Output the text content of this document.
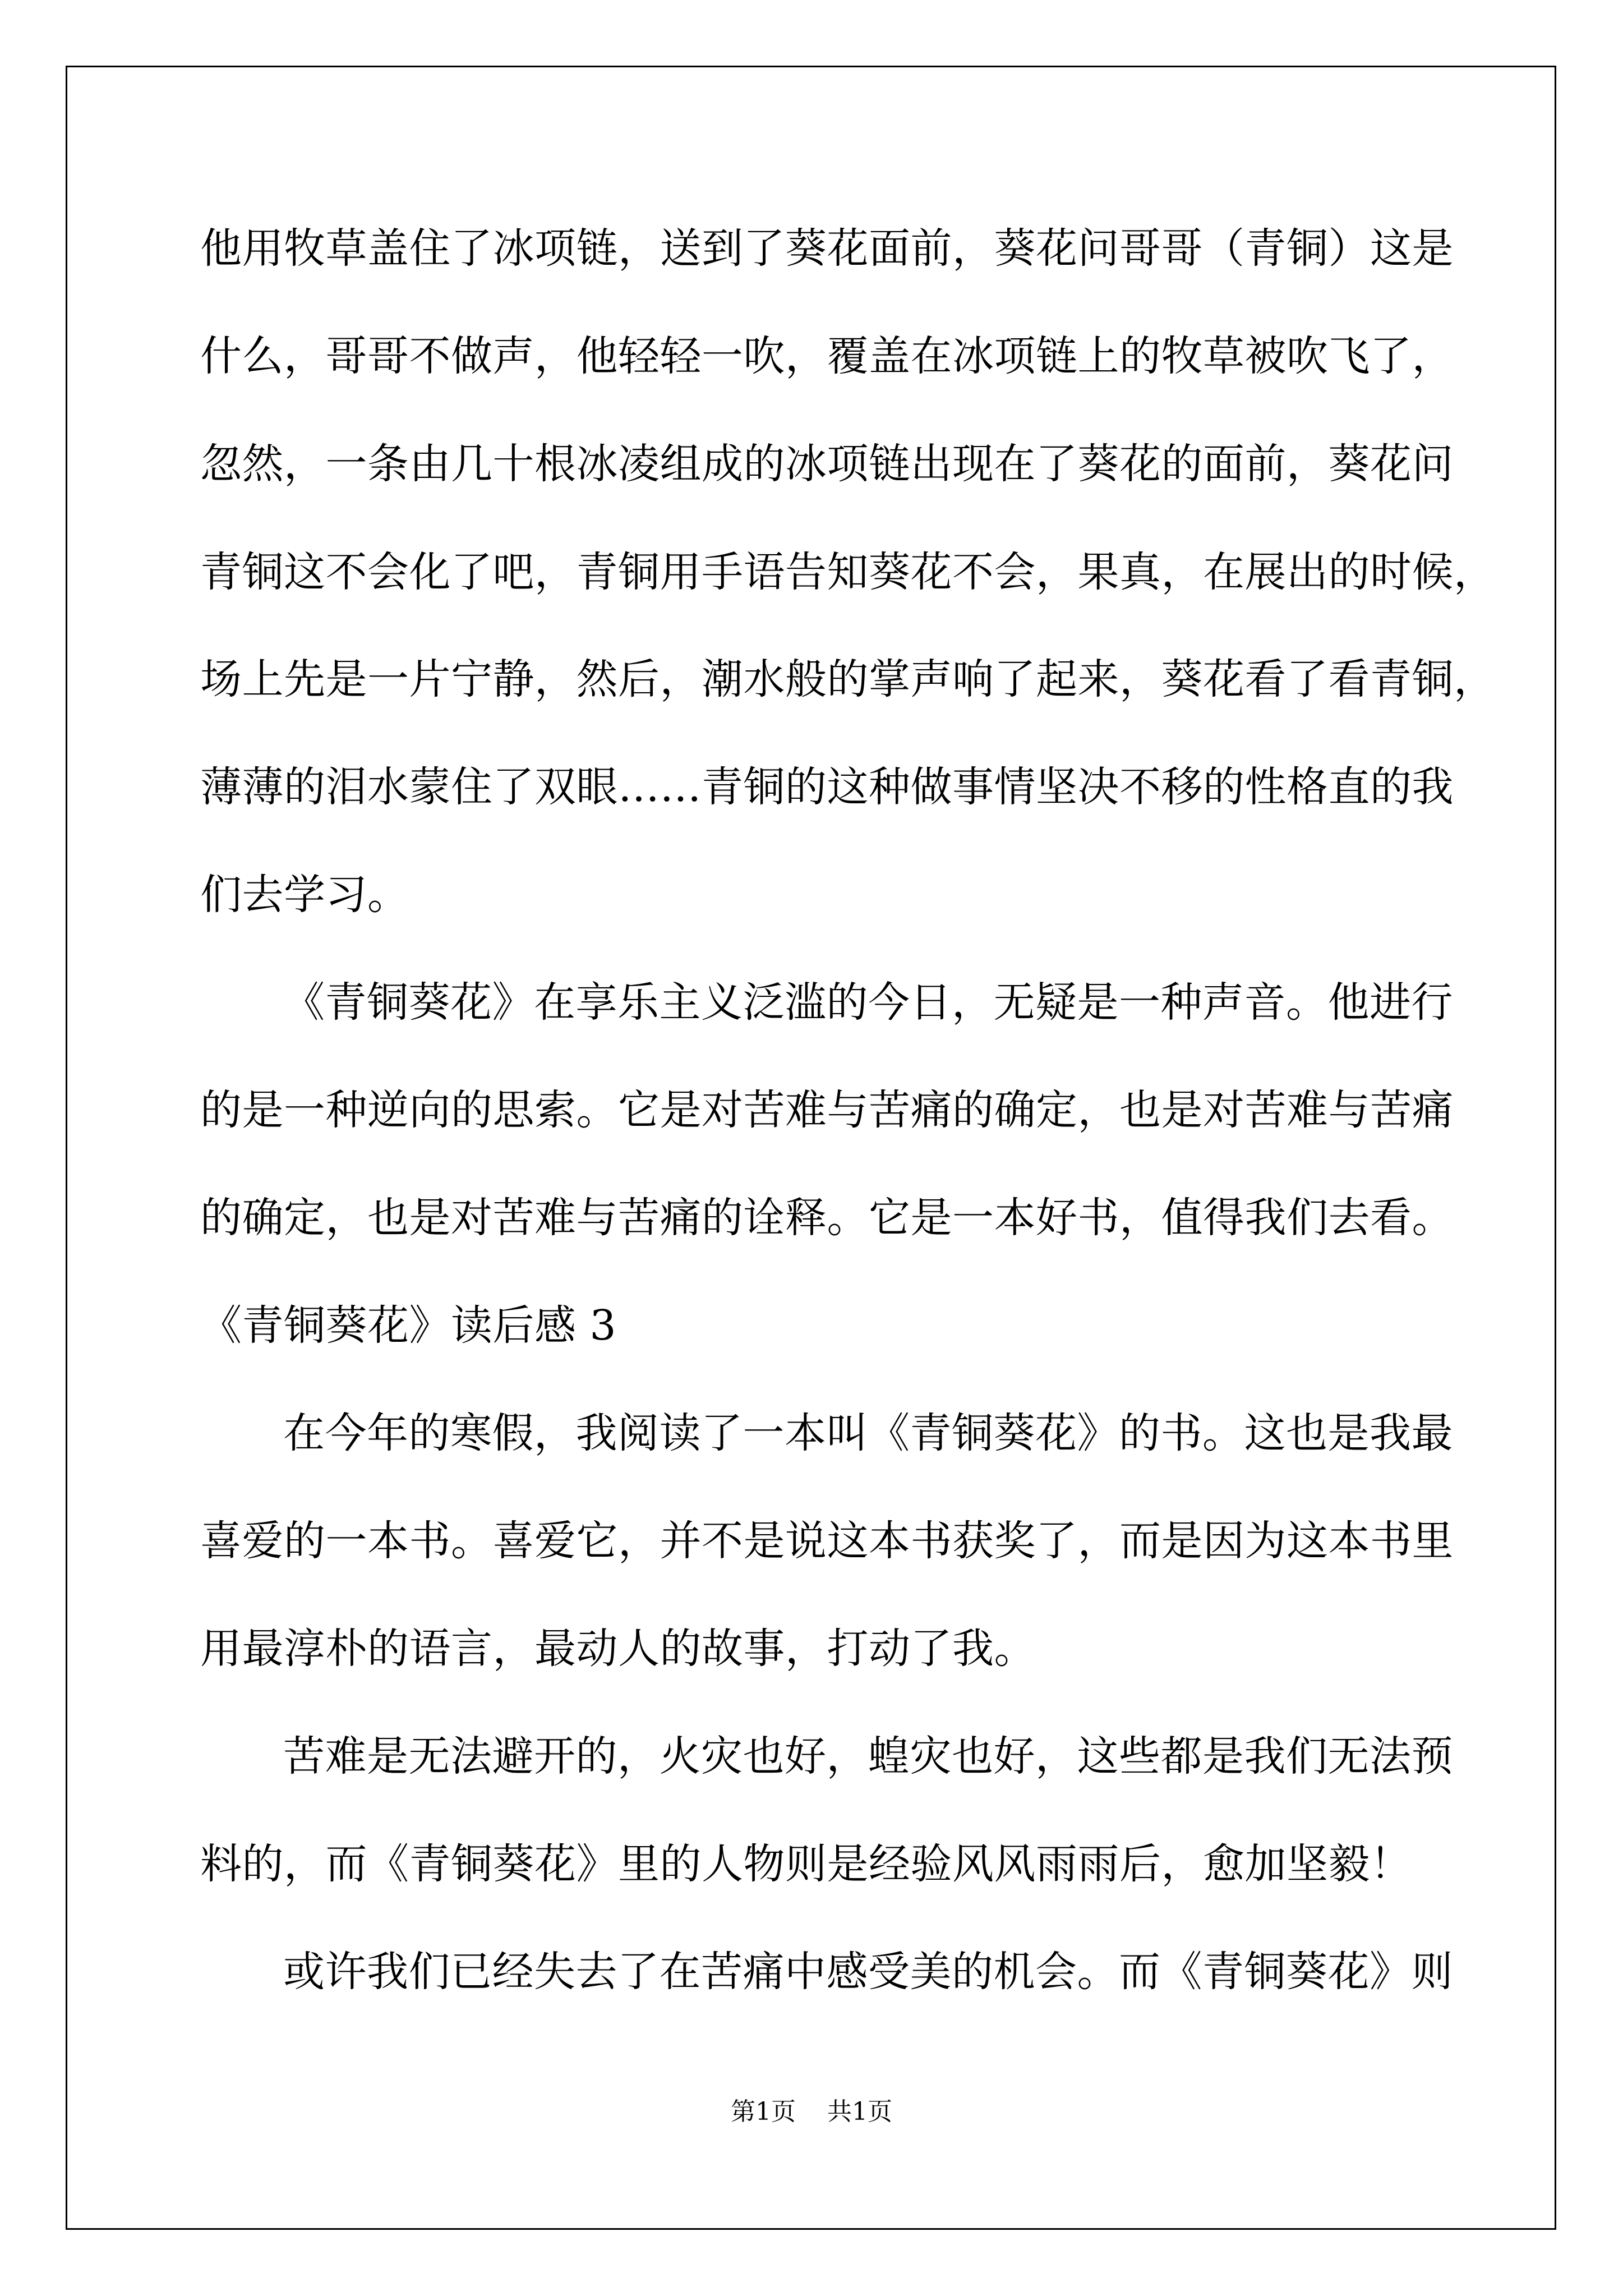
他用牧草盖住了冰项链，送到了葵花面前，葵花问哥哥（青铜）这是
什么，哥哥不做声，他轻轻一吹，覆盖在冰项链上的牧草被吹飞了，
忽然，一条由几十根冰凌组成的冰项链出现在了葵花的面前，葵花问
青铜这不会化了吧，青铜用手语告知葵花不会，果真，在展出的时候，
场上先是一片宁静，然后，潮水般的掌声响了起来，葵花看了看青铜，
薄薄的泪水蒙住了双眼……青铜的这种做事情坚决不移的性格直的我
们去学习。
《青铜葵花》在享乐主义泛滥的今日，无疑是一种声音。他进行
的是一种逆向的思索。它是对苦难与苦痛的确定，也是对苦难与苦痛
的确定，也是对苦难与苦痛的诠释。它是一本好书，值得我们去看。
《青铜葵花》读后感 3
在今年的寒假，我阅读了一本叫《青铜葵花》的书。这也是我最
喜爱的一本书。喜爱它，并不是说这本书获奖了，而是因为这本书里
用最淳朴的语言，最动人的故事，打动了我。
苦难是无法避开的，火灾也好，蝗灾也好，这些都是我们无法预
料的，而《青铜葵花》里的人物则是经验风风雨雨后，愈加坚毅！
或许我们已经失去了在苦痛中感受美的机会。而《青铜葵花》则
第1页    共1页
